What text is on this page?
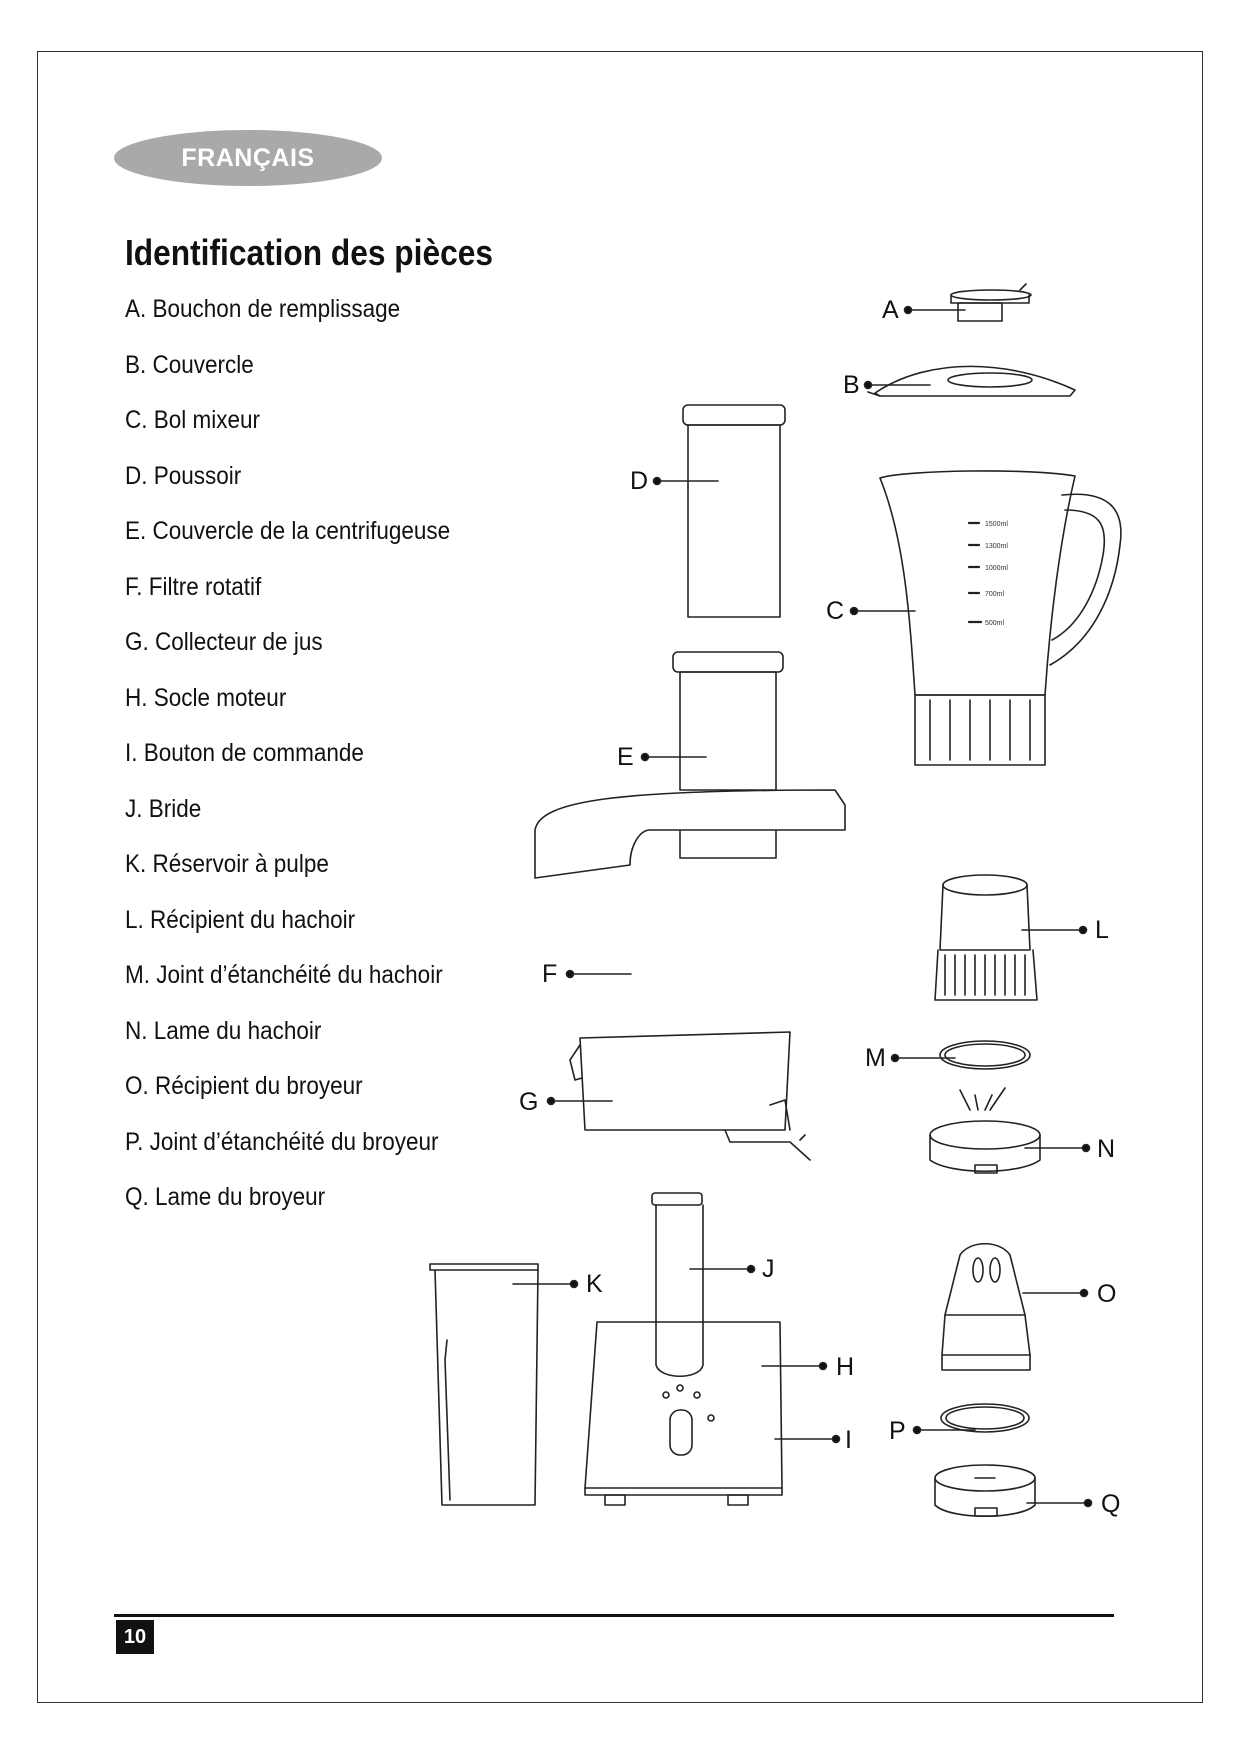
FRANÇAIS
Identification des pièces
A. Bouchon de remplissage
B. Couvercle
C. Bol mixeur
D. Poussoir
E. Couvercle de la centrifugeuse
F. Filtre rotatif
G. Collecteur de jus
H. Socle moteur
I. Bouton de commande
J. Bride
K. Réservoir à pulpe
L. Récipient du hachoir
M. Joint d’étanchéité du hachoir
N. Lame du hachoir
O. Récipient du broyeur
P. Joint d’étanchéité du broyeur
Q. Lame du broyeur
1500ml
1300ml
1000ml
700ml
500ml
A
B
C
D
E
F
G
H
I
J
K
L
M
N
O
P
Q
10
